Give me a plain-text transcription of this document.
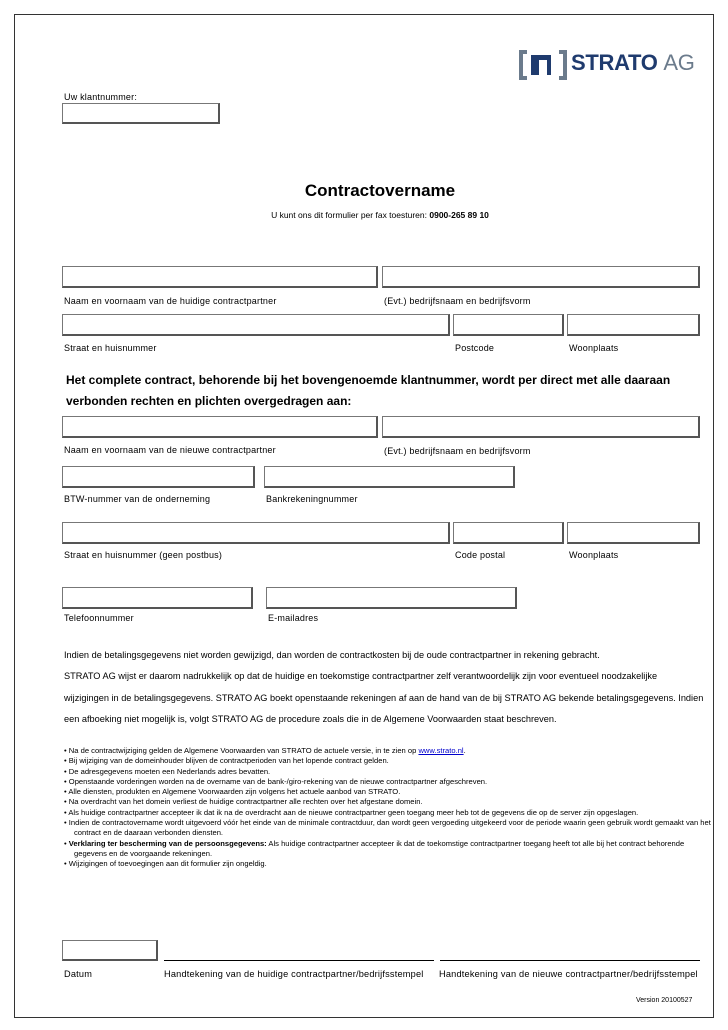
STRATO AG
Uw klantnummer:
Contractovername
U kunt ons dit formulier per fax toesturen: 0900-265 89 10
Naam en voornaam van de huidige contractpartner	(Evt.) bedrijfsnaam en bedrijfsvorm
Straat en huisnummer	Postcode	Woonplaats
Het complete contract, behorende bij het bovengenoemde klantnummer, wordt per direct met alle daaraan verbonden rechten en plichten overgedragen aan:
Naam en voornaam van de nieuwe contractpartner	(Evt.) bedrijfsnaam en bedrijfsvorm
BTW-nummer van de onderneming	Bankrekeningnummer
Straat en huisnummer (geen postbus)	Code postal	Woonplaats
Telefoonnummer	E-mailadres
Indien de betalingsgegevens niet worden gewijzigd, dan worden de contractkosten bij de oude contractpartner in rekening gebracht.
STRATO AG wijst er daarom nadrukkelijk op dat de huidige en toekomstige contractpartner zelf verantwoordelijk zijn voor eventueel noodzakelijke wijzigingen in de betalingsgegevens. STRATO AG boekt openstaande rekeningen af aan de hand van de bij STRATO AG bekende betalingsgegevens. Indien een afboeking niet mogelijk is, volgt STRATO AG de procedure zoals die in de Algemene Voorwaarden staat beschreven.
• Na de contractwijziging gelden de Algemene Voorwaarden van STRATO de actuele versie, in te zien op www.strato.nl.
• Bij wijziging van de domeinhouder blijven de contractperioden van het lopende contract gelden.
• De adresgegevens moeten een Nederlands adres bevatten.
• Openstaande vorderingen worden na de overname van de bank-/giro-rekening van de nieuwe contractpartner afgeschreven.
• Alle diensten, produkten en Algemene Voorwaarden zijn volgens het actuele aanbod van STRATO.
• Na overdracht van het domein verliest de huidige contractpartner alle rechten over het afgestane domein.
• Als huidige contractpartner accepteer ik dat ik na de overdracht aan de nieuwe contractpartner geen toegang meer heb tot de gegevens die op de server zijn opgeslagen.
• Indien de contractovername wordt uitgevoerd vóór het einde van de minimale contractduur, dan wordt geen vergoeding uitgekeerd voor de periode waarin geen gebruik wordt gemaakt van het contract en de daaraan verbonden diensten.
• Verklaring ter bescherming van de persoonsgegevens: Als huidige contractpartner accepteer ik dat de toekomstige contractpartner toegang heeft tot alle bij het contract behorende gegevens en de voorgaande rekeningen.
• Wijzigingen of toevoegingen aan dit formulier zijn ongeldig.
Datum	Handtekening van de huidige contractpartner/bedrijfsstempel Handtekening van de nieuwe contractpartner/bedrijfsstempel
Version 20100527
